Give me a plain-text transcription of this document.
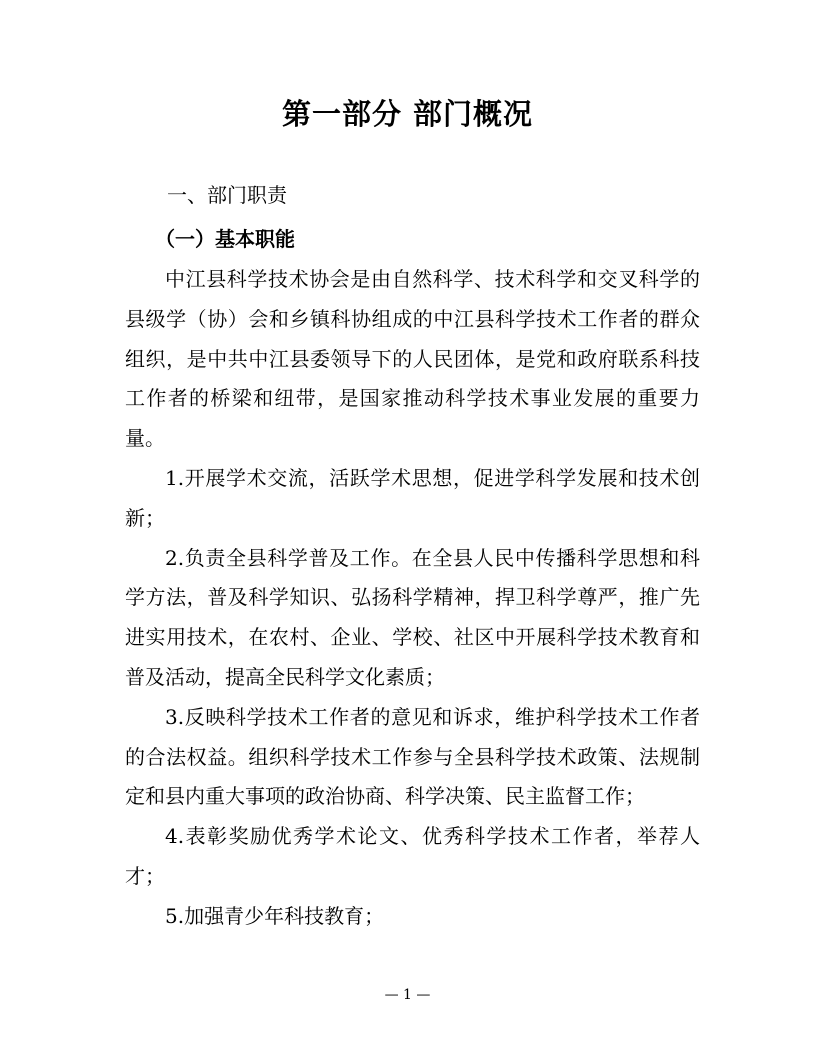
第一部分 部门概况
一、部门职责
（一）基本职能

中江县科学技术协会是由自然科学、技术科学和交叉科学的县级学（协）会和乡镇科协组成的中江县科学技术工作者的群众组织，是中共中江县委领导下的人民团体，是党和政府联系科技工作者的桥梁和纽带，是国家推动科学技术事业发展的重要力量。

1.开展学术交流，活跃学术思想，促进学科学发展和技术创新；

2.负责全县科学普及工作。在全县人民中传播科学思想和科学方法，普及科学知识、弘扬科学精神，捍卫科学尊严，推广先进实用技术，在农村、企业、学校、社区中开展科学技术教育和普及活动，提高全民科学文化素质；

3.反映科学技术工作者的意见和诉求，维护科学技术工作者的合法权益。组织科学技术工作参与全县科学技术政策、法规制定和县内重大事项的政治协商、科学决策、民主监督工作；

4.表彰奖励优秀学术论文、优秀科学技术工作者，举荐人才；

5.加强青少年科技教育；

— 1 —
